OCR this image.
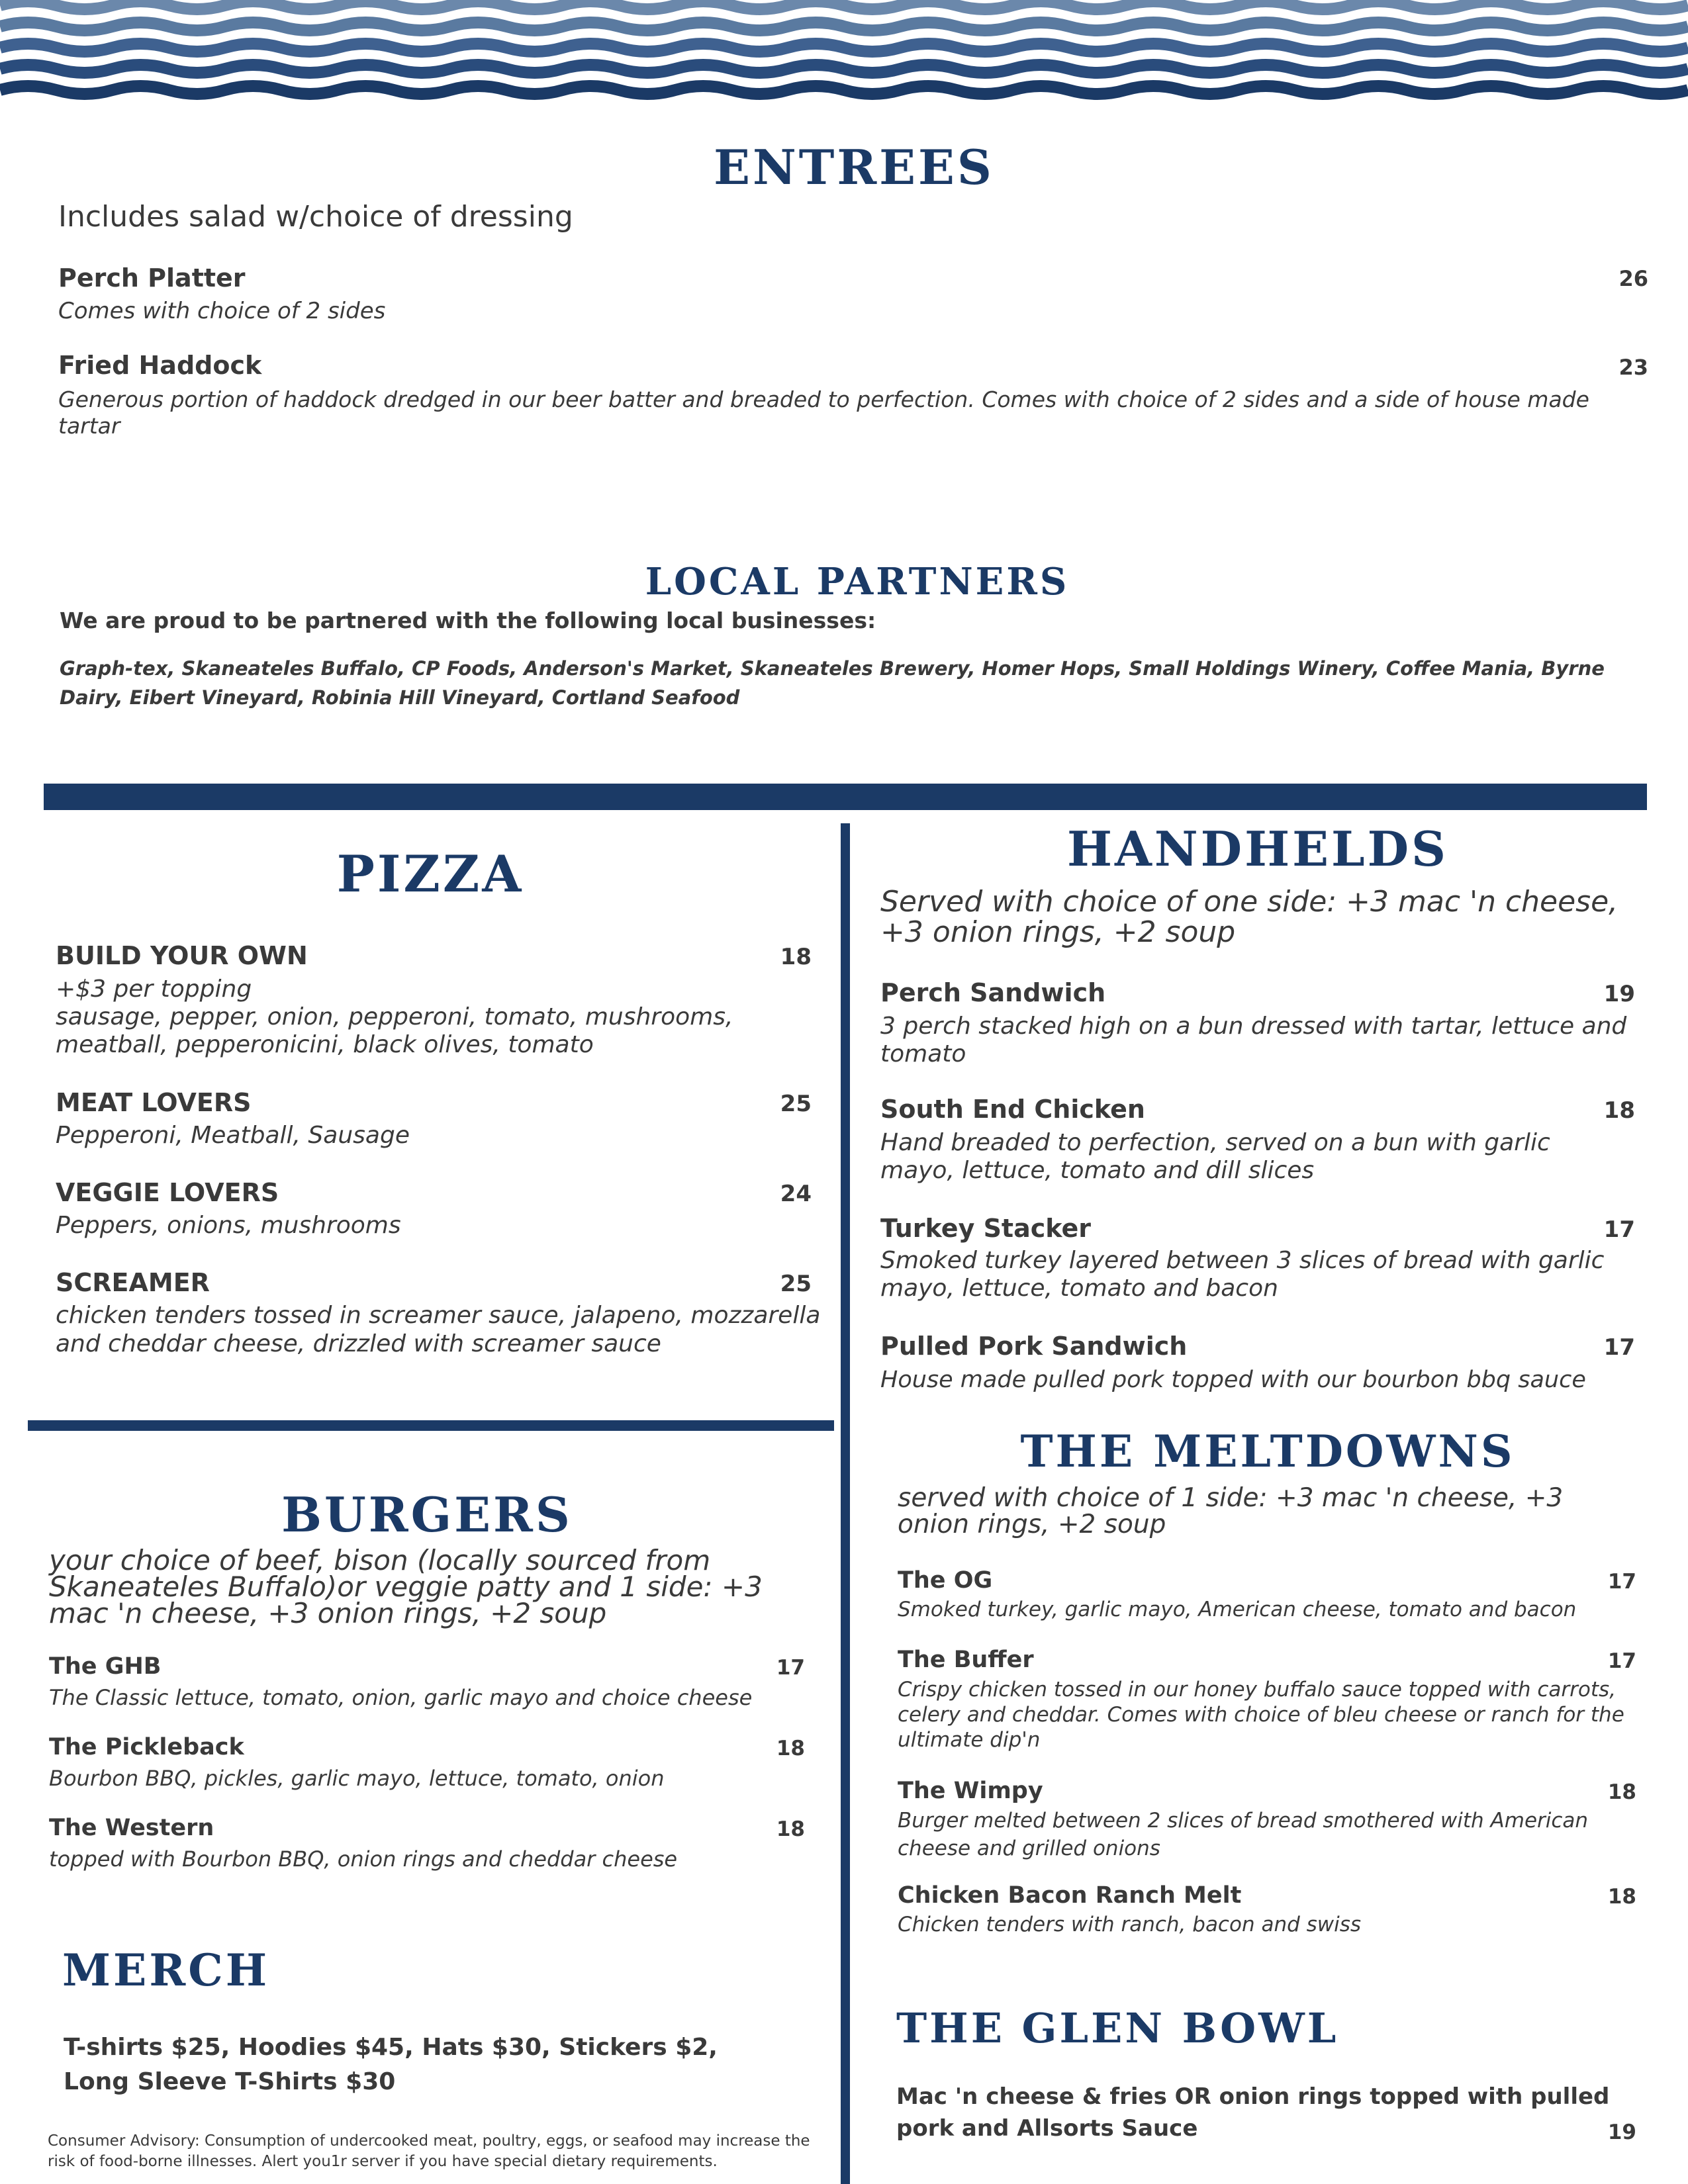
ENTREES
Includes salad w/choice of dressing
Perch Platter	26
Comes with choice of 2 sides
Fried Haddock	23
Generous portion of haddock dredged in our beer batter and breaded to perfection. Comes with choice of 2 sides and a side of house made tartar
LOCAL PARTNERS
We are proud to be partnered with the following local businesses:
Graph-tex, Skaneateles Buffalo, CP Foods, Anderson's Market, Skaneateles Brewery, Homer Hops, Small Holdings Winery, Coffee Mania, Byrne Dairy, Eibert Vineyard, Robinia Hill Vineyard, Cortland Seafood
PIZZA
BUILD YOUR OWN	18
+$3 per topping
sausage, pepper, onion, pepperoni, tomato, mushrooms, meatball, pepperonicini, black olives, tomato
MEAT LOVERS	25
Pepperoni, Meatball, Sausage
VEGGIE LOVERS	24
Peppers, onions, mushrooms
SCREAMER	25
chicken tenders tossed in screamer sauce, jalapeno, mozzarella and cheddar cheese, drizzled with screamer sauce
HANDHELDS
Served with choice of one side: +3 mac 'n cheese, +3 onion rings, +2 soup
Perch Sandwich	19
3 perch stacked high on a bun dressed with tartar, lettuce and tomato
South End Chicken	18
Hand breaded to perfection, served on a bun with garlic mayo, lettuce, tomato and dill slices
Turkey Stacker	17
Smoked turkey layered between 3 slices of bread with garlic mayo, lettuce, tomato and bacon
Pulled Pork Sandwich	17
House made pulled pork topped with our bourbon bbq sauce
BURGERS
your choice of beef, bison (locally sourced from Skaneateles Buffalo)or veggie patty and 1 side: +3 mac 'n cheese, +3 onion rings, +2 soup
The GHB	17
The Classic lettuce, tomato, onion, garlic mayo and choice cheese
The Pickleback	18
Bourbon BBQ, pickles, garlic mayo, lettuce, tomato, onion
The Western	18
topped with Bourbon BBQ, onion rings and cheddar cheese
THE MELTDOWNS
served with choice of 1 side: +3 mac 'n cheese, +3 onion rings, +2 soup
The OG	17
Smoked turkey, garlic mayo, American cheese, tomato and bacon
The Buffer	17
Crispy chicken tossed in our honey buffalo sauce topped with carrots, celery and cheddar. Comes with choice of bleu cheese or ranch for the ultimate dip'n
The Wimpy	18
Burger melted between 2 slices of bread smothered with American cheese and grilled onions
Chicken Bacon Ranch Melt	18
Chicken tenders with ranch, bacon and swiss
MERCH
T-shirts $25, Hoodies $45, Hats $30, Stickers $2,
Long Sleeve T-Shirts $30
THE GLEN BOWL
Mac 'n cheese & fries OR onion rings topped with pulled pork and Allsorts Sauce	19
Consumer Advisory: Consumption of undercooked meat, poultry, eggs, or seafood may increase the risk of food-borne illnesses. Alert you1r server if you have special dietary requirements.
